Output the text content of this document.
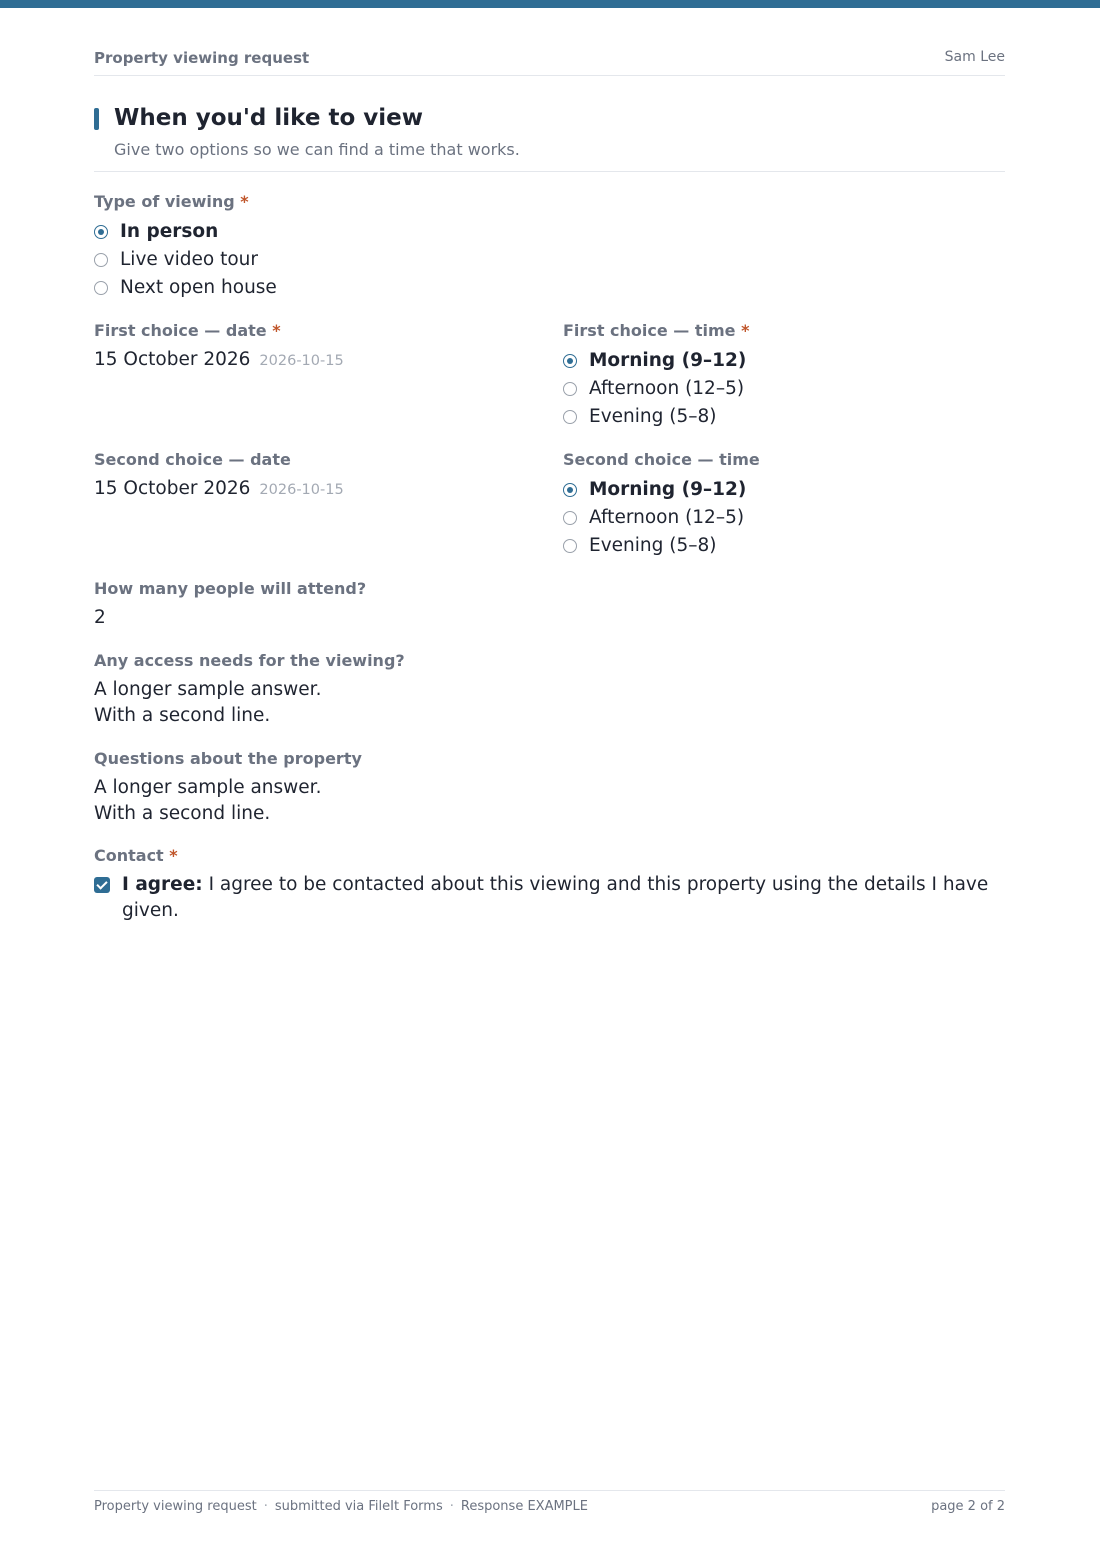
Property viewing request	Sam Lee
When you'd like to view
Give two options so we can find a time that works.
Type of viewing *
In person
Live video tour
Next open house
First choice — date *
15 October 2026 2026-10-15
First choice — time *
Morning (9–12)
Afternoon (12–5)
Evening (5–8)
Second choice — date
15 October 2026 2026-10-15
Second choice — time
Morning (9–12)
Afternoon (12–5)
Evening (5–8)
How many people will attend?
2
Any access needs for the viewing?
A longer sample answer.
With a second line.
Questions about the property
A longer sample answer.
With a second line.
Contact *
I agree: I agree to be contacted about this viewing and this property using the details I have given.
Property viewing request · submitted via FileIt Forms · Response EXAMPLE	page 2 of 2
